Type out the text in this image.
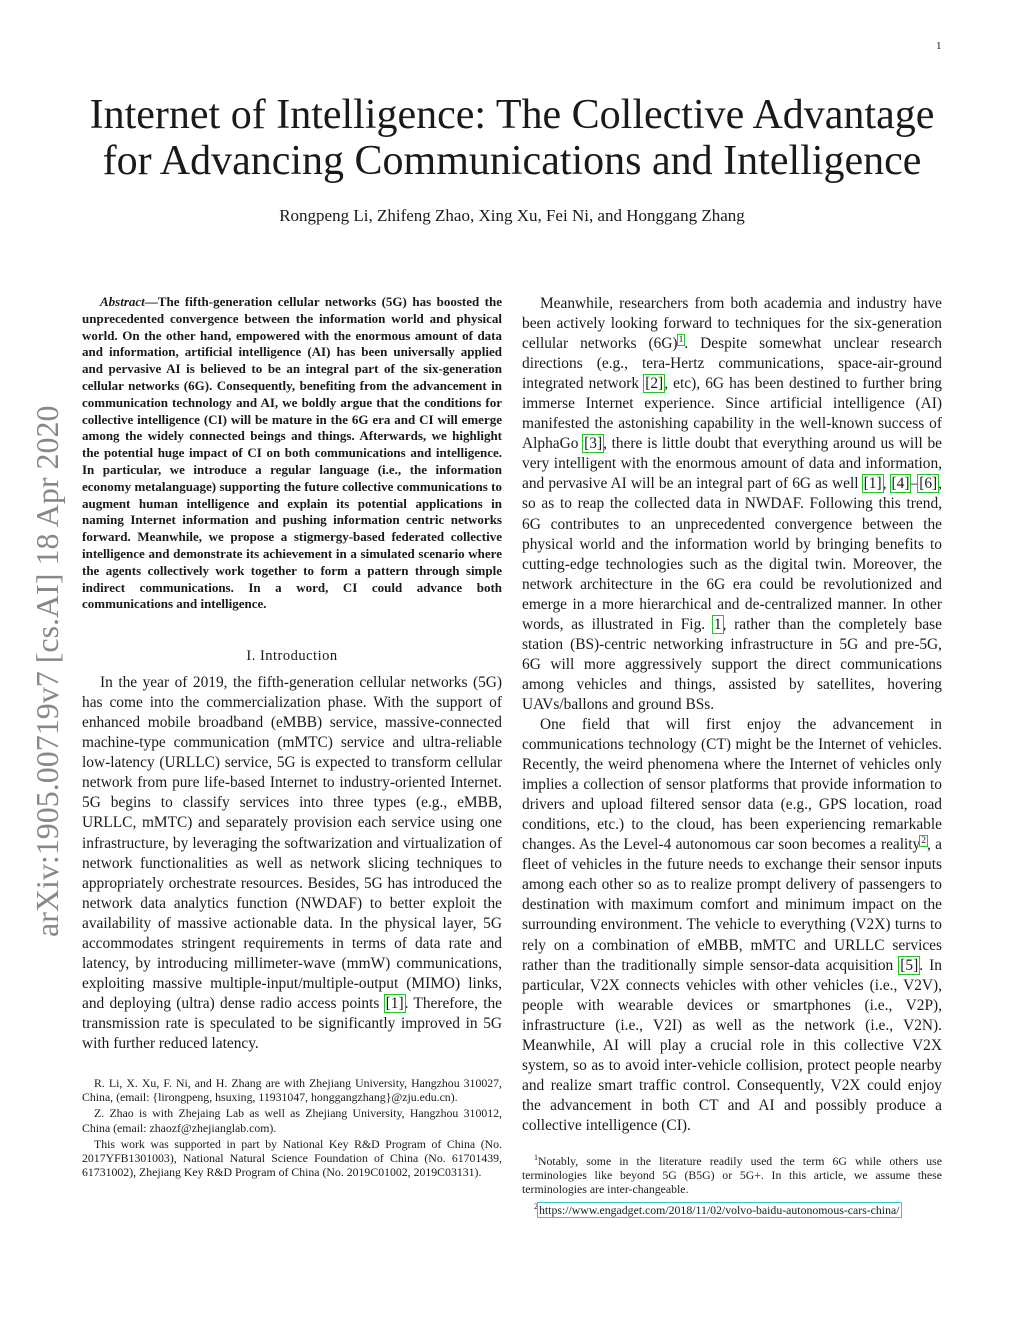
1
arXiv:1905.00719v7 [cs.AI] 18 Apr 2020

Internet of Intelligence: The Collective Advantage

for Advancing Communications and Intelligence

Rongpeng Li, Zhifeng Zhao, Xing Xu, Fei Ni, and Honggang Zhang

Abstract—The fifth-generation cellular networks (5G) has boosted the unprecedented convergence between the information world and physical world. On the other hand, empowered with the enormous amount of data and information, artificial intelligence (AI) has been universally applied and pervasive AI is believed to be an integral part of the six-generation cellular networks (6G). Consequently, benefiting from the advancement in communication technology and AI, we boldly argue that the conditions for collective intelligence (CI) will be mature in the 6G era and CI will emerge among the widely connected beings and things. Afterwards, we highlight the potential huge impact of CI on both communications and intelligence. In particular, we introduce a regular language (i.e., the information economy metalanguage) supporting the future collective communications to augment human intelligence and explain its potential applications in naming Internet information and pushing information centric networks forward. Meanwhile, we propose a stigmergy-based federated collective intelligence and demonstrate its achievement in a simulated scenario where the agents collectively work together to form a pattern through simple indirect communications. In a word, CI could advance both communications and intelligence.

I. Introduction

In the year of 2019, the fifth-generation cellular networks (5G) has come into the commercialization phase. With the support of enhanced mobile broadband (eMBB) service, massive-connected machine-type communication (mMTC) service and ultra-reliable low-latency (URLLC) service, 5G is expected to transform cellular network from pure life-based Internet to industry-oriented Internet. 5G begins to classify services into three types (e.g., eMBB, URLLC, mMTC) and separately provision each service using one infrastructure, by leveraging the softwarization and virtualization of network functionalities as well as network slicing techniques to appropriately orchestrate resources. Besides, 5G has introduced the network data analytics function (NWDAF) to better exploit the availability of massive actionable data. In the physical layer, 5G accommodates stringent requirements in terms of data rate and latency, by introducing millimeter-wave (mmW) communications, exploiting massive multiple-input/multiple-output (MIMO) links, and deploying (ultra) dense radio access points [1]. Therefore, the transmission rate is speculated to be significantly improved in 5G with further reduced latency.

R. Li, X. Xu, F. Ni, and H. Zhang are with Zhejiang University, Hangzhou 310027, China, (email: {lirongpeng, hsuxing, 11931047, honggangzhang}@zju.edu.cn).

Z. Zhao is with Zhejaing Lab as well as Zhejiang University, Hangzhou 310012, China (email: zhaozf@zhejianglab.com).

This work was supported in part by National Key R&D Program of China (No. 2017YFB1301003), National Natural Science Foundation of China (No. 61701439, 61731002), Zhejiang Key R&D Program of China (No. 2019C01002, 2019C03131).

Meanwhile, researchers from both academia and industry have been actively looking forward to techniques for the six-generation cellular networks (6G)$^1$. Despite somewhat unclear research directions (e.g., tera-Hertz communications, space-air-ground integrated network [2], etc), 6G has been destined to further bring immerse Internet experience. Since artificial intelligence (AI) manifested the astonishing capability in the well-known success of AlphaGo [3], there is little doubt that everything around us will be very intelligent with the enormous amount of data and information, and pervasive AI will be an integral part of 6G as well [1], [4]–[6], so as to reap the collected data in NWDAF. Following this trend, 6G contributes to an unprecedented convergence between the physical world and the information world by bringing benefits to cutting-edge technologies such as the digital twin. Moreover, the network architecture in the 6G era could be revolutionized and emerge in a more hierarchical and de-centralized manner. In other words, as illustrated in Fig. 1, rather than the completely base station (BS)-centric networking infrastructure in 5G and pre-5G, 6G will more aggressively support the direct communications among vehicles and things, assisted by satellites, hovering UAVs/ballons and ground BSs.

One field that will first enjoy the advancement in communications technology (CT) might be the Internet of vehicles. Recently, the weird phenomena where the Internet of vehicles only implies a collection of sensor platforms that provide information to drivers and upload filtered sensor data (e.g., GPS location, road conditions, etc.) to the cloud, has been experiencing remarkable changes. As the Level-4 autonomous car soon becomes a reality$^2$, a fleet of vehicles in the future needs to exchange their sensor inputs among each other so as to realize prompt delivery of passengers to destination with maximum comfort and minimum impact on the surrounding environment. The vehicle to everything (V2X) turns to rely on a combination of eMBB, mMTC and URLLC services rather than the traditionally simple sensor-data acquisition [5]. In particular, V2X connects vehicles with other vehicles (i.e., V2V), people with wearable devices or smartphones (i.e., V2P), infrastructure (i.e., V2I) as well as the network (i.e., V2N). Meanwhile, AI will play a crucial role in this collective V2X system, so as to avoid inter-vehicle collision, protect people nearby and realize smart traffic control. Consequently, V2X could enjoy the advancement in both CT and AI and possibly produce a collective intelligence (CI).

$^1$Notably, some in the literature readily used the term 6G while others use terminologies like beyond 5G (B5G) or 5G+. In this article, we assume these terminologies are inter-changeable.

$^2$https://www.engadget.com/2018/11/02/volvo-baidu-autonomous-cars-china/
